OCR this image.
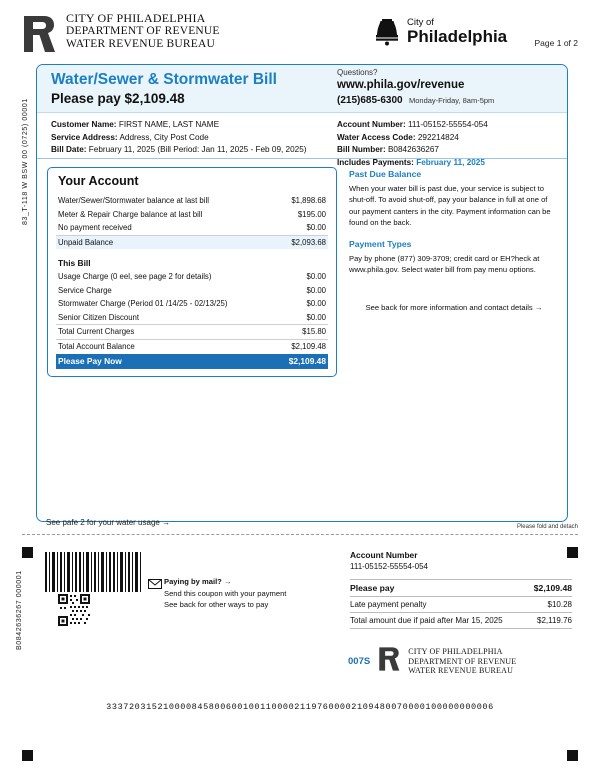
CITY OF PHILADELPHIA
DEPARTMENT OF REVENUE
WATER REVENUE BUREAU
City of
Philadelphia	Page 1 of 2
83_T-118 W BSW 00 (0725) 00001
B0842636267 000001
Water/Sewer & Stormwater Bill
Please pay $2,109.48
Questions?
www.phila.gov/revenue
(215)685-6300 Monday-Friday, 8am-5pm
Customer Name: FIRST NAME, LAST NAME
Service Address: Address, City Post Code
Bill Date: February 11, 2025 (Bill Period: Jan 11, 2025 - Feb 09, 2025)
Account Number: 111-05152-55554-054
Water Access Code: 292214824
Bill Number: B0842636267
Includes Payments: February 11, 2025
Your Account
Water/Sewer/Stormwater balance at last bill	$1,898.68
Meter & Repair Charge balance at last bill	$195.00
No payment received	$0.00
Unpaid Balance	$2,093.68
This Bill
Usage Charge (0 eel, see page 2 for details)	$0.00
Service Charge	$0.00
Stormwater Charge (Period 01 /14/25 - 02/13/25)	$0.00
Senior Citizen Discount	$0.00
Total Current Charges	$15.80
Total Account Balance	$2,109.48
Please Pay Now	$2,109.48
Past Due Balance

When your water bill is past due, your service is subject to shut-off. To avoid shut-off, pay your balance in full at one of our payment canters in the city. Payment information can be found on the back.

Payment Types

Pay by phone (877) 309-3709; credit card or EH?heck at www.phila.gov. Select water bill from pay menu options.

See back for more information and contact details →
See pafe 2 for your water usage →	Please fold and detach
Paying by mail? →
Send this coupon with your payment
See back for other ways to pay
Account Number
111-05152-55554-054
Please pay	$2,109.48
Late payment penalty	$10.28
Total amount due if paid after Mar 15, 2025	$2,119.76
007S
CITY OF PHILADELPHIA
DEPARTMENT OF REVENUE
WATER REVENUE BUREAU
33372031521000084580060010011000021197600002109480070000100000000006
